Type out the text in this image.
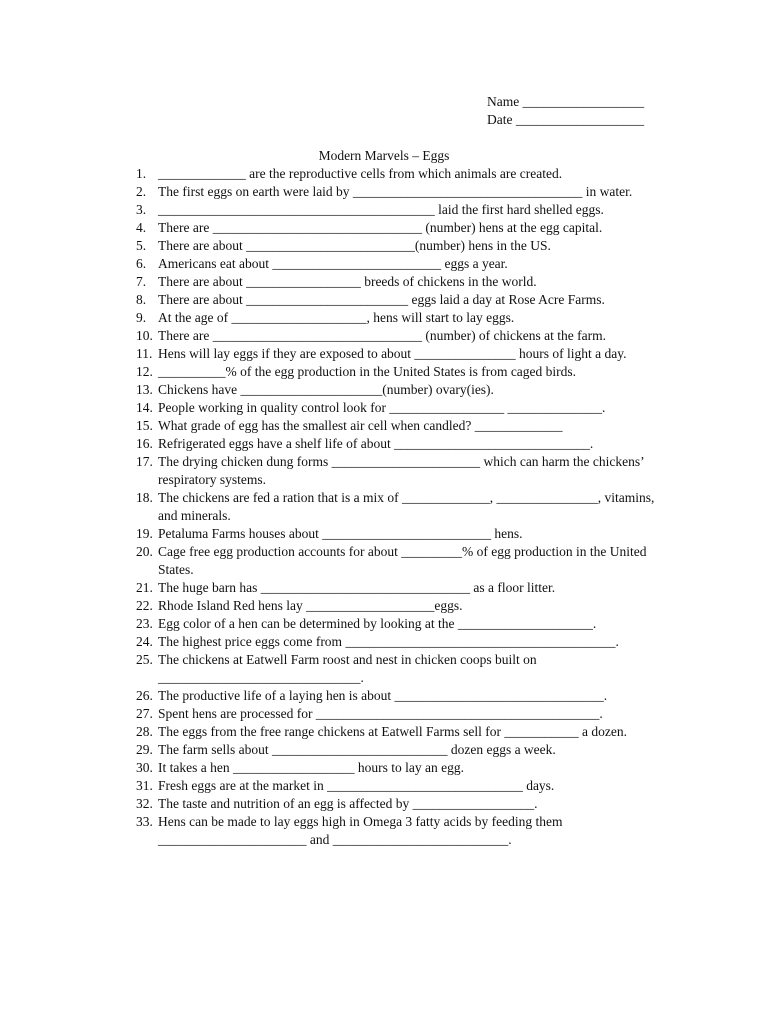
Name __________________
Date ___________________
Modern Marvels – Eggs
1. _____________ are the reproductive cells from which animals are created.
2. The first eggs on earth were laid by __________________________________ in water.
3. _________________________________________ laid the first hard shelled eggs.
4. There are _______________________________ (number) hens at the egg capital.
5. There are about _________________________(number) hens in the US.
6. Americans eat about _________________________ eggs a year.
7. There are about _________________ breeds of chickens in the world.
8. There are about ________________________ eggs laid a day at Rose Acre Farms.
9. At the age of ____________________, hens will start to lay eggs.
10. There are _______________________________ (number) of chickens at the farm.
11. Hens will lay eggs if they are exposed to about _______________ hours of light a day.
12. __________% of the egg production in the United States is from caged birds.
13. Chickens have _____________________(number) ovary(ies).
14. People working in quality control look for _________________ ______________.
15. What grade of egg has the smallest air cell when candled? _____________
16. Refrigerated eggs have a shelf life of about _____________________________.
17. The drying chicken dung forms ______________________ which can harm the chickens’ respiratory systems.
18. The chickens are fed a ration that is a mix of _____________, _______________, vitamins, and minerals.
19. Petaluma Farms houses about _________________________ hens.
20. Cage free egg production accounts for about _________% of egg production in the United States.
21. The huge barn has _______________________________ as a floor litter.
22. Rhode Island Red hens lay ___________________eggs.
23. Egg color of a hen can be determined by looking at the ____________________.
24. The highest price eggs come from ________________________________________.
25. The chickens at Eatwell Farm roost and nest in chicken coops built on ______________________________.
26. The productive life of a laying hen is about _______________________________.
27. Spent hens are processed for __________________________________________.
28. The eggs from the free range chickens at Eatwell Farms sell for ___________ a dozen.
29. The farm sells about __________________________ dozen eggs a week.
30. It takes a hen __________________ hours to lay an egg.
31. Fresh eggs are at the market in _____________________________ days.
32. The taste and nutrition of an egg is affected by __________________.
33. Hens can be made to lay eggs high in Omega 3 fatty acids by feeding them ______________________ and __________________________.
